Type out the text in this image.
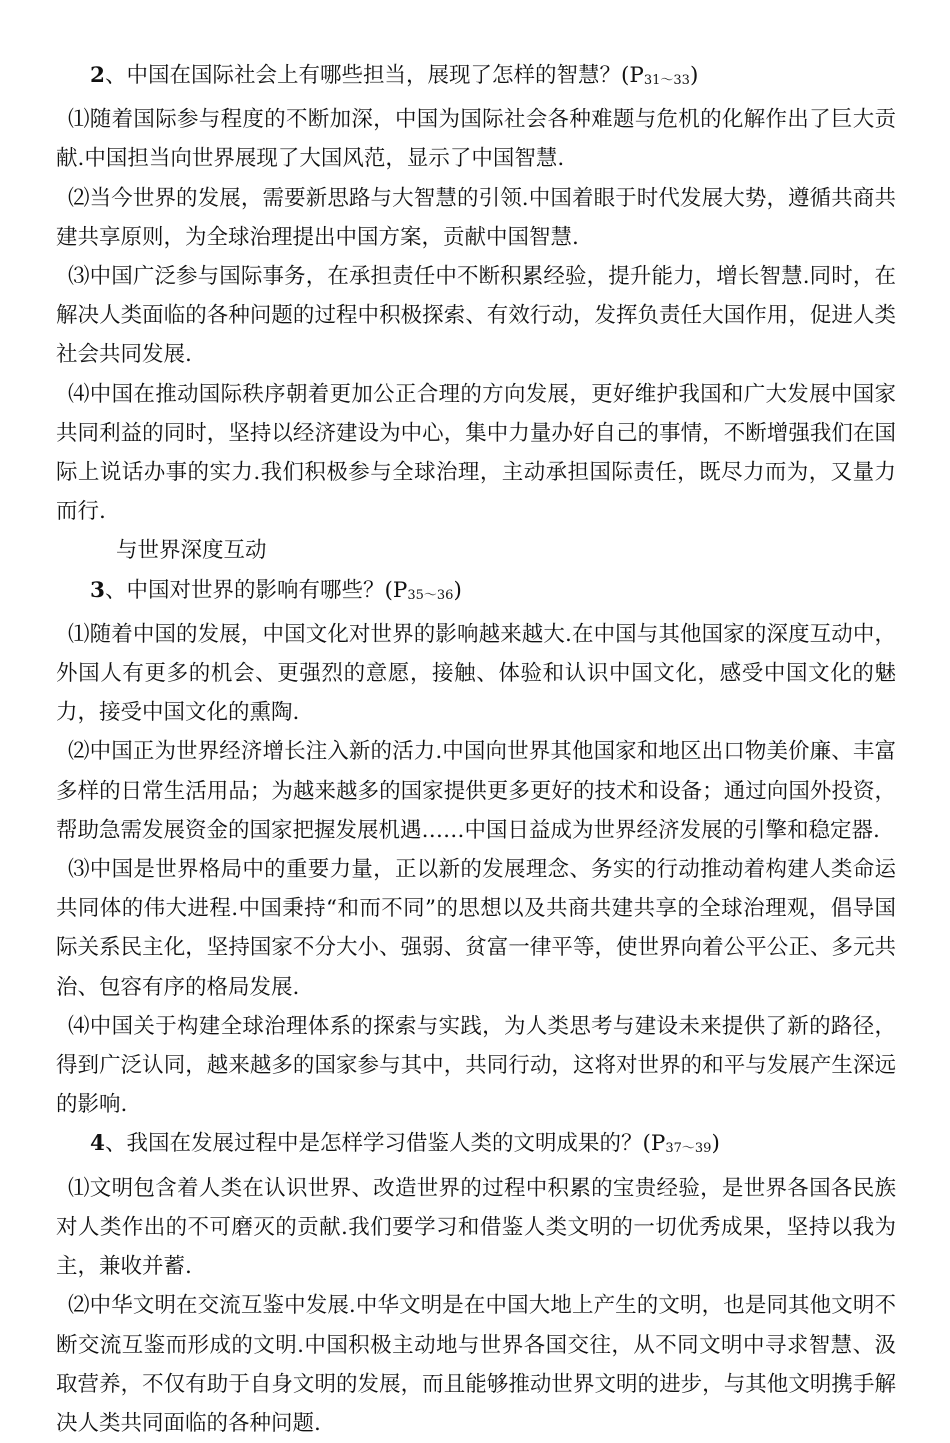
2、中国在国际社会上有哪些担当，展现了怎样的智慧？$(P_{31\sim 33})$

⑴随着国际参与程度的不断加深，中国为国际社会各种难题与危机的化解作出了巨大贡献.中国担当向世界展现了大国风范，显示了中国智慧.

⑵当今世界的发展，需要新思路与大智慧的引领.中国着眼于时代发展大势，遵循共商共建共享原则，为全球治理提出中国方案，贡献中国智慧.

⑶中国广泛参与国际事务，在承担责任中不断积累经验，提升能力，增长智慧.同时，在解决人类面临的各种问题的过程中积极探索、有效行动，发挥负责任大国作用，促进人类社会共同发展.

⑷中国在推动国际秩序朝着更加公正合理的方向发展，更好维护我国和广大发展中国家共同利益的同时，坚持以经济建设为中心，集中力量办好自己的事情，不断增强我们在国际上说话办事的实力.我们积极参与全球治理，主动承担国际责任，既尽力而为，又量力而行.

与世界深度互动

3、中国对世界的影响有哪些？$(P_{35\sim 36})$

⑴随着中国的发展，中国文化对世界的影响越来越大.在中国与其他国家的深度互动中，外国人有更多的机会、更强烈的意愿，接触、体验和认识中国文化，感受中国文化的魅力，接受中国文化的熏陶.

⑵中国正为世界经济增长注入新的活力.中国向世界其他国家和地区出口物美价廉、丰富多样的日常生活用品；为越来越多的国家提供更多更好的技术和设备；通过向国外投资，帮助急需发展资金的国家把握发展机遇……中国日益成为世界经济发展的引擎和稳定器.

⑶中国是世界格局中的重要力量，正以新的发展理念、务实的行动推动着构建人类命运共同体的伟大进程.中国秉持“和而不同”的思想以及共商共建共享的全球治理观，倡导国际关系民主化，坚持国家不分大小、强弱、贫富一律平等，使世界向着公平公正、多元共治、包容有序的格局发展.

⑷中国关于构建全球治理体系的探索与实践，为人类思考与建设未来提供了新的路径，得到广泛认同，越来越多的国家参与其中，共同行动，这将对世界的和平与发展产生深远的影响.

4、我国在发展过程中是怎样学习借鉴人类的文明成果的？$(P_{37\sim 39})$

⑴文明包含着人类在认识世界、改造世界的过程中积累的宝贵经验，是世界各国各民族对人类作出的不可磨灭的贡献.我们要学习和借鉴人类文明的一切优秀成果，坚持以我为主，兼收并蓄.

⑵中华文明在交流互鉴中发展.中华文明是在中国大地上产生的文明，也是同其他文明不断交流互鉴而形成的文明.中国积极主动地与世界各国交往，从不同文明中寻求智慧、汲取营养，不仅有助于自身文明的发展，而且能够推动世界文明的进步，与其他文明携手解决人类共同面临的各种问题.
